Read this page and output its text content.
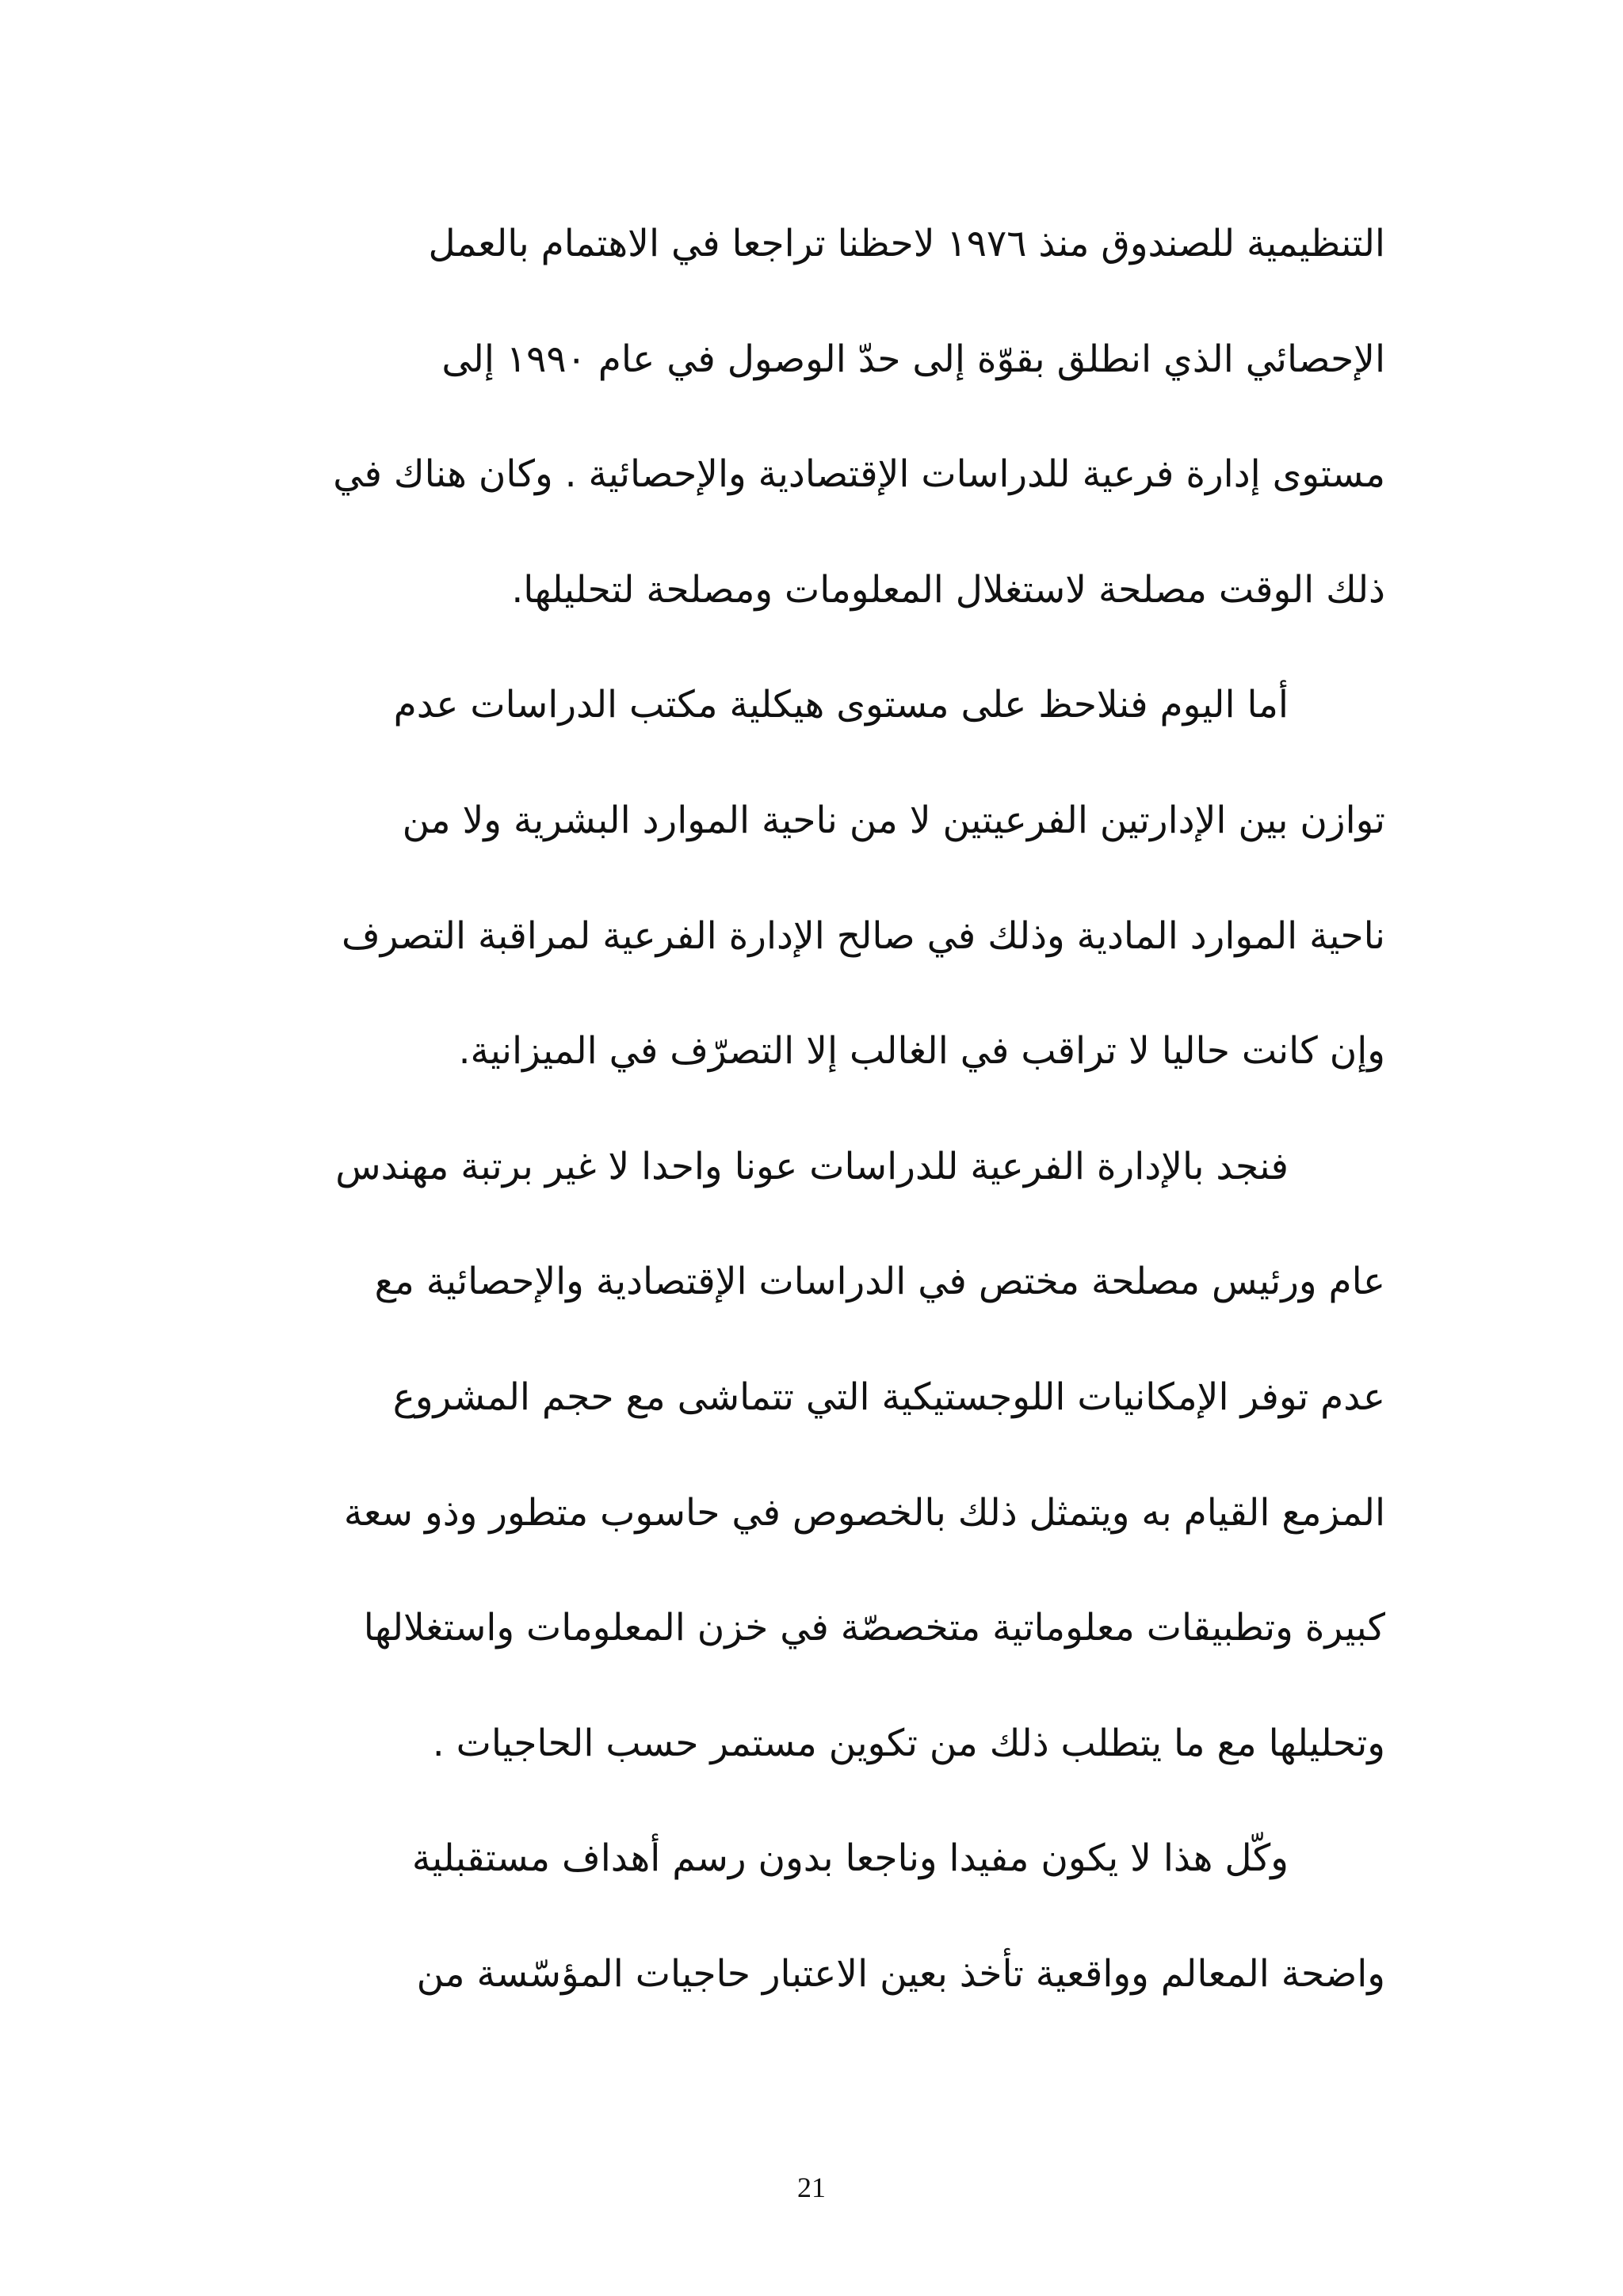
التنظيمية للصندوق منذ ١٩٧٦ لاحظنا تراجعا في الاهتمام بالعمل
الإحصائي الذي انطلق بقوّة إلى حدّ الوصول في عام ١٩٩٠ إلى
مستوى إدارة فرعية للدراسات الإقتصادية والإحصائية . وكان هناك في
ذلك الوقت مصلحة لاستغلال المعلومات ومصلحة لتحليلها.
أما اليوم فنلاحظ على مستوى هيكلية مكتب الدراسات عدم
توازن بين الإدارتين الفرعيتين لا من ناحية الموارد البشرية ولا من
ناحية الموارد المادية وذلك في صالح الإدارة الفرعية لمراقبة التصرف
وإن كانت حاليا لا تراقب في الغالب إلا التصرّف في الميزانية.
فنجد بالإدارة الفرعية للدراسات عونا واحدا لا غير برتبة مهندس
عام ورئيس مصلحة مختص في الدراسات الإقتصادية والإحصائية مع
عدم توفر الإمكانيات اللوجستيكية التي تتماشى مع حجم المشروع
المزمع القيام به ويتمثل ذلك بالخصوص في حاسوب متطور وذو سعة
كبيرة وتطبيقات معلوماتية متخصصّة في خزن المعلومات واستغلالها
وتحليلها مع ما يتطلب ذلك من تكوين مستمر حسب الحاجيات .
وكّل هذا لا يكون مفيدا وناجعا بدون رسم أهداف مستقبلية
واضحة المعالم وواقعية تأخذ بعين الاعتبار حاجيات المؤسّسة من
21
